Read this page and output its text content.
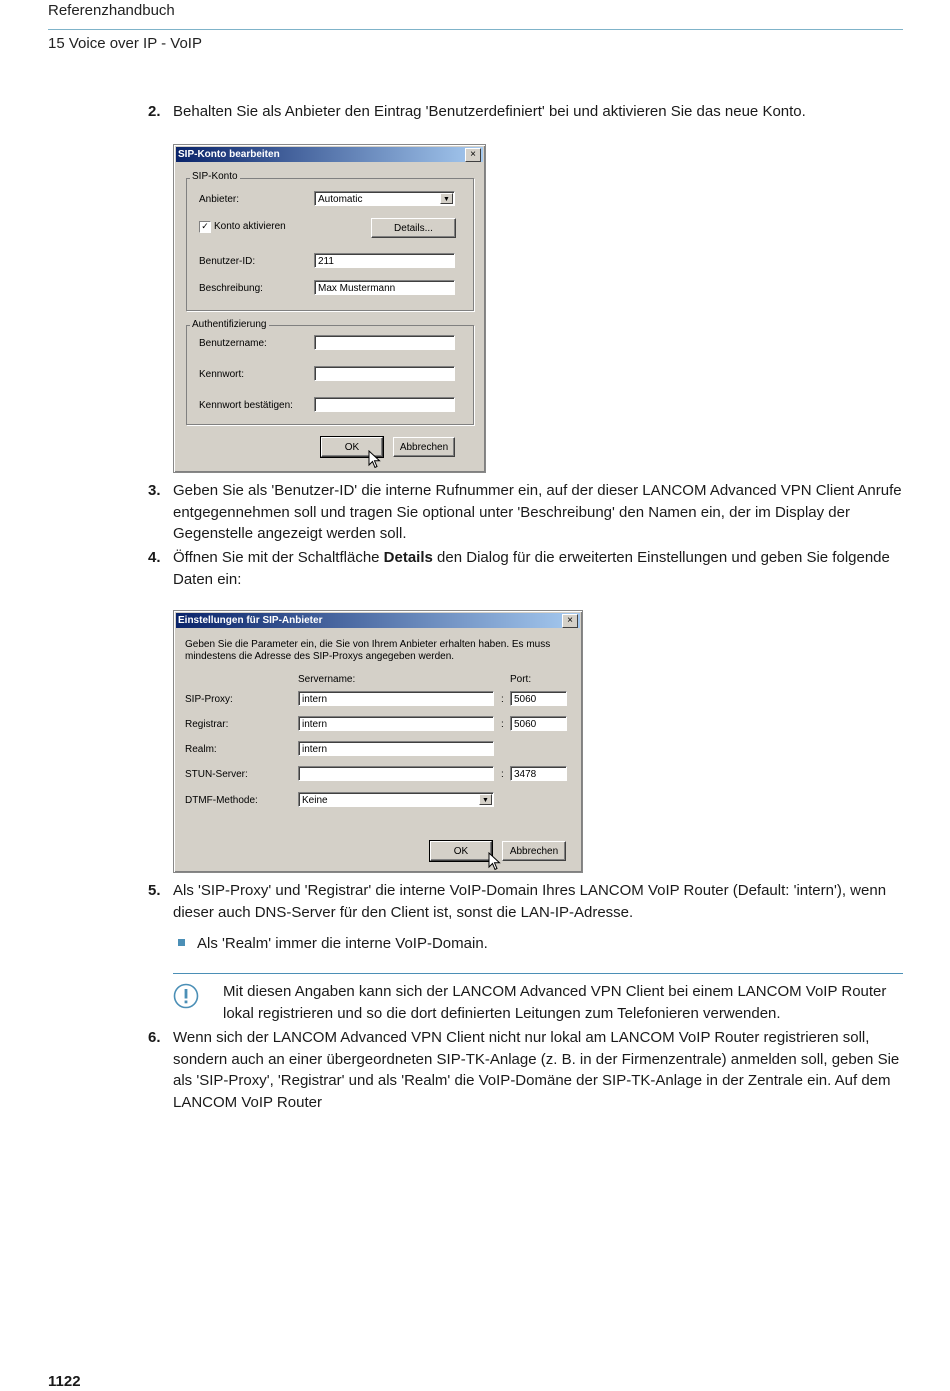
Referenzhandbuch
15 Voice over IP - VoIP
2. Behalten Sie als Anbieter den Eintrag 'Benutzerdefiniert' bei und aktivieren Sie das neue Konto.
SIP-Konto bearbeiten	×
SIP-Konto
Anbieter:	Automatic	▼
✓ Konto aktivieren	Details...
Benutzer-ID:	211
Beschreibung:	Max Mustermann
Authentifizierung
Benutzername:
Kennwort:
Kennwort bestätigen:
OK	Abbrechen
3. Geben Sie als 'Benutzer-ID' die interne Rufnummer ein, auf der dieser LANCOM Advanced VPN Client Anrufe entgegennehmen soll und tragen Sie optional unter 'Beschreibung' den Namen ein, der im Display der Gegenstelle angezeigt werden soll.
4. Öffnen Sie mit der Schaltfläche Details den Dialog für die erweiterten Einstellungen und geben Sie folgende Daten ein:
Einstellungen für SIP-Anbieter	×
Geben Sie die Parameter ein, die Sie von Ihrem Anbieter erhalten haben. Es muss mindestens die Adresse des SIP-Proxys angegeben werden.
Servername:	Port:
SIP-Proxy:	intern	:	5060
Registrar:	intern	:	5060
Realm:	intern
STUN-Server:	:	3478
DTMF-Methode:	Keine	▼
OK	Abbrechen
5. Als 'SIP-Proxy' und 'Registrar' die interne VoIP-Domain Ihres LANCOM VoIP Router (Default: 'intern'), wenn dieser auch DNS-Server für den Client ist, sonst die LAN-IP-Adresse.
Als 'Realm' immer die interne VoIP-Domain.
Mit diesen Angaben kann sich der LANCOM Advanced VPN Client bei einem LANCOM VoIP Router lokal registrieren und so die dort definierten Leitungen zum Telefonieren verwenden.
6. Wenn sich der LANCOM Advanced VPN Client nicht nur lokal am LANCOM VoIP Router registrieren soll, sondern auch an einer übergeordneten SIP-TK-Anlage (z. B. in der Firmenzentrale) anmelden soll, geben Sie als 'SIP-Proxy', 'Registrar' und als 'Realm' die VoIP-Domäne der SIP-TK-Anlage in der Zentrale ein. Auf dem LANCOM VoIP Router
1122
